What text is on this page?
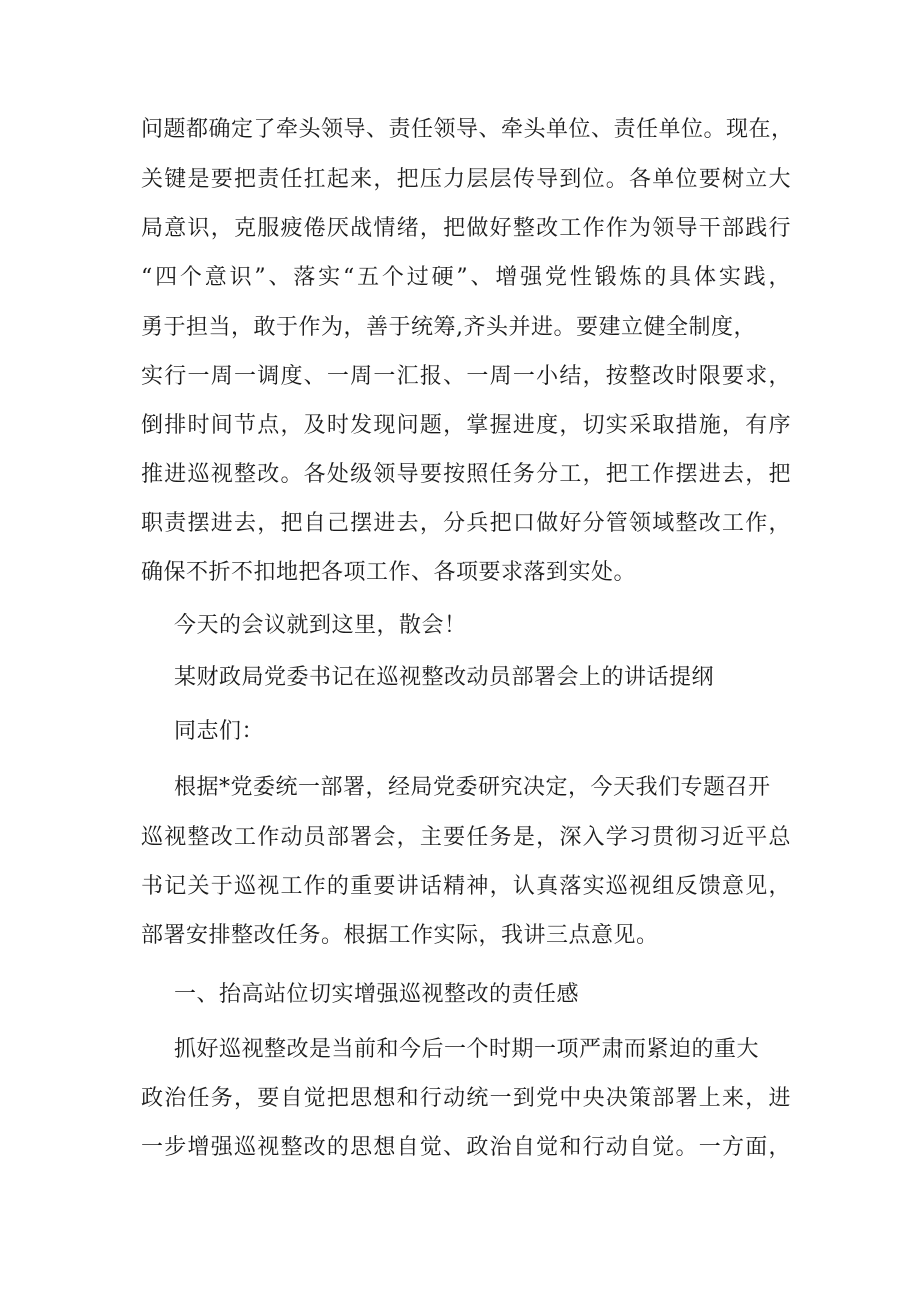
问题都确定了牵头领导、责任领导、牵头单位、责任单位。现在，
关键是要把责任扛起来，把压力层层传导到位。各单位要树立大
局意识，克服疲倦厌战情绪，把做好整改工作作为领导干部践行
“四个意识”、落实“五个过硬”、增强党性锻炼的具体实践，
勇于担当，敢于作为，善于统筹,齐头并进。要建立健全制度，
实行一周一调度、一周一汇报、一周一小结，按整改时限要求，
倒排时间节点，及时发现问题，掌握进度，切实采取措施，有序
推进巡视整改。各处级领导要按照任务分工，把工作摆进去，把
职责摆进去，把自己摆进去，分兵把口做好分管领域整改工作，
确保不折不扣地把各项工作、各项要求落到实处。
今天的会议就到这里，散会！
某财政局党委书记在巡视整改动员部署会上的讲话提纲
同志们：
根据*党委统一部署，经局党委研究决定，今天我们专题召开
巡视整改工作动员部署会，主要任务是，深入学习贯彻习近平总
书记关于巡视工作的重要讲话精神，认真落实巡视组反馈意见，
部署安排整改任务。根据工作实际，我讲三点意见。
一、抬高站位切实增强巡视整改的责任感
抓好巡视整改是当前和今后一个时期一项严肃而紧迫的重大
政治任务，要自觉把思想和行动统一到党中央决策部署上来，进
一步增强巡视整改的思想自觉、政治自觉和行动自觉。一方面，
